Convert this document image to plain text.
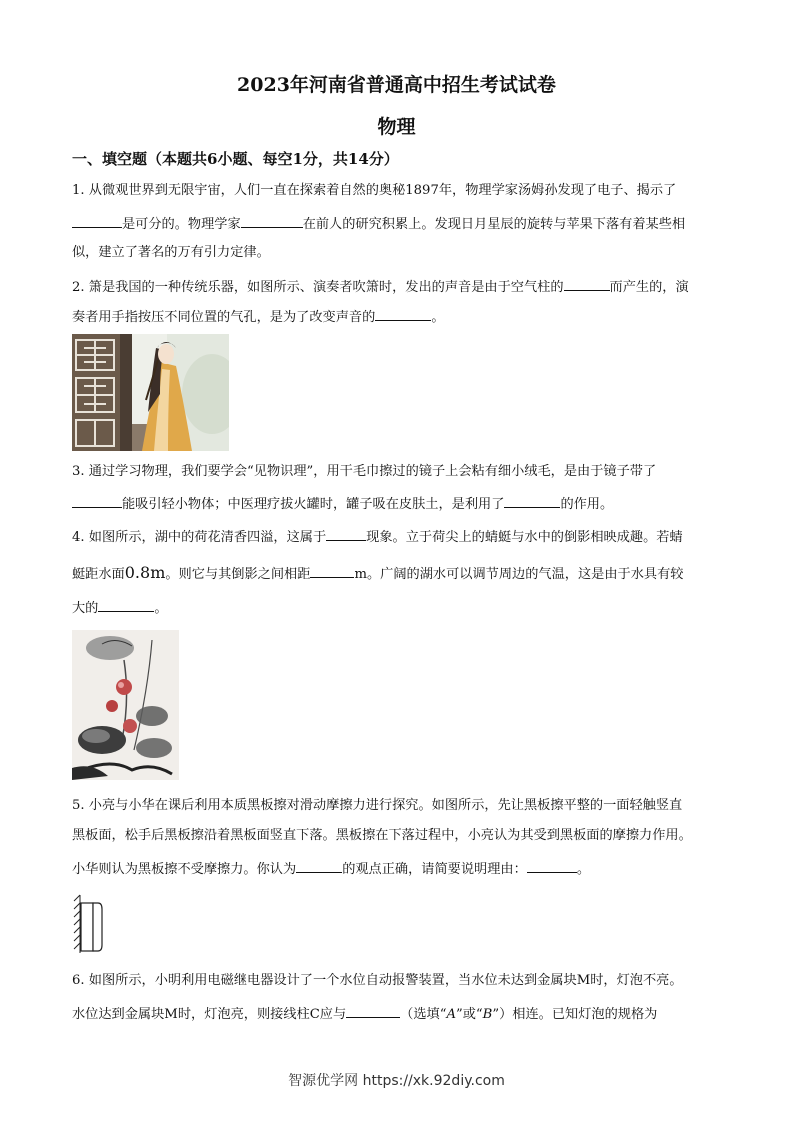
2023年河南省普通高中招生考试试卷
物理
一、填空题（本题共6小题、每空1分，共14分）
1. 从微观世界到无限宇宙，人们一直在探索着自然的奥秘1897年，物理学家汤姆孙发现了电子、揭示了
是可分的。物理学家	在前人的研究积累上。发现日月星辰的旋转与苹果下落有着某些相
似，建立了著名的万有引力定律。
2. 箫是我国的一种传统乐器，如图所示、演奏者吹箫时，发出的声音是由于空气柱的	而产生的，演
奏者用手指按压不同位置的气孔，是为了改变声音的	。
3. 通过学习物理，我们要学会“见物识理”，用干毛巾擦过的镜子上会粘有细小绒毛，是由于镜子带了
能吸引轻小物体；中医理疗拔火罐时，罐子吸在皮肤土，是利用了	的作用。
4. 如图所示，湖中的荷花清香四溢，这属于	现象。立于荷尖上的蜻蜓与水中的倒影相映成趣。若蜻
蜓距水面0.8m。则它与其倒影之间相距	m。广阔的湖水可以调节周边的气温，这是由于水具有较
大的	。
5. 小亮与小华在课后利用本质黑板擦对滑动摩擦力进行探究。如图所示，先让黑板擦平整的一面轻触竖直
黑板面，松手后黑板擦沿着黑板面竖直下落。黑板擦在下落过程中，小亮认为其受到黑板面的摩擦力作用。
小华则认为黑板擦不受摩擦力。你认为	的观点正确，请简要说明理由：	。
6. 如图所示，小明利用电磁继电器设计了一个水位自动报警装置，当水位未达到金属块M时，灯泡不亮。
水位达到金属块M时，灯泡亮，则接线柱C应与	（选填“A”或“B”）相连。已知灯泡的规格为
智源优学网 https://xk.92diy.com
